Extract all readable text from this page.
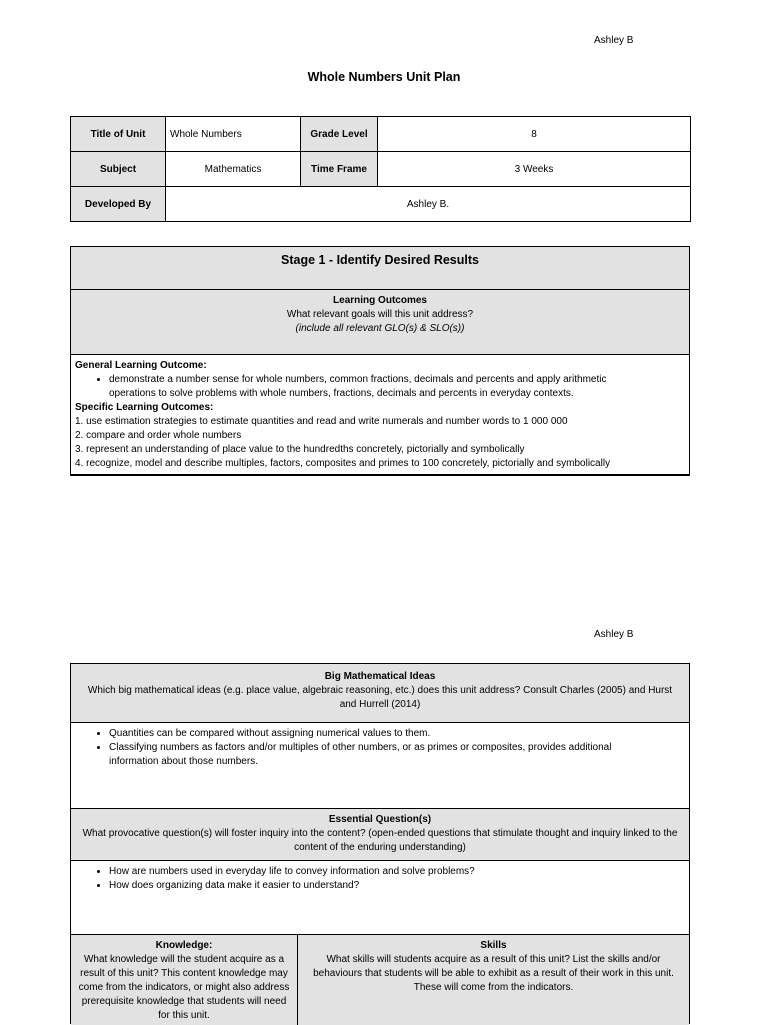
Ashley B
Whole Numbers Unit Plan
Title of Unit	Whole Numbers	Grade Level	8
Subject	Mathematics	Time Frame	3 Weeks
Developed By	Ashley B.		
Stage 1 - Identify Desired Results
Learning Outcomes
What relevant goals will this unit address?
(include all relevant GLO(s) & SLO(s))
General Learning Outcome:
• demonstrate a number sense for whole numbers, common fractions, decimals and percents and apply arithmetic operations to solve problems with whole numbers, fractions, decimals and percents in everyday contexts.
Specific Learning Outcomes:
1. use estimation strategies to estimate quantities and read and write numerals and number words to 1 000 000
2. compare and order whole numbers
3. represent an understanding of place value to the hundredths concretely, pictorially and symbolically
4. recognize, model and describe multiples, factors, composites and primes to 100 concretely, pictorially and symbolically
Ashley B
Big Mathematical Ideas
Which big mathematical ideas (e.g. place value, algebraic reasoning, etc.) does this unit address? Consult Charles (2005) and Hurst and Hurrell (2014)
• Quantities can be compared without assigning numerical values to them.
• Classifying numbers as factors and/or multiples of other numbers, or as primes or composites, provides additional information about those numbers.
Essential Question(s)
What provocative question(s) will foster inquiry into the content? (open-ended questions that stimulate thought and inquiry linked to the content of the enduring understanding)
• How are numbers used in everyday life to convey information and solve problems?
• How does organizing data make it easier to understand?
Knowledge:
What knowledge will the student acquire as a result of this unit? This content knowledge may come from the indicators, or might also address prerequisite knowledge that students will need for this unit.
Skills
What skills will students acquire as a result of this unit? List the skills and/or behaviours that students will be able to exhibit as a result of their work in this unit. These will come from the indicators.
